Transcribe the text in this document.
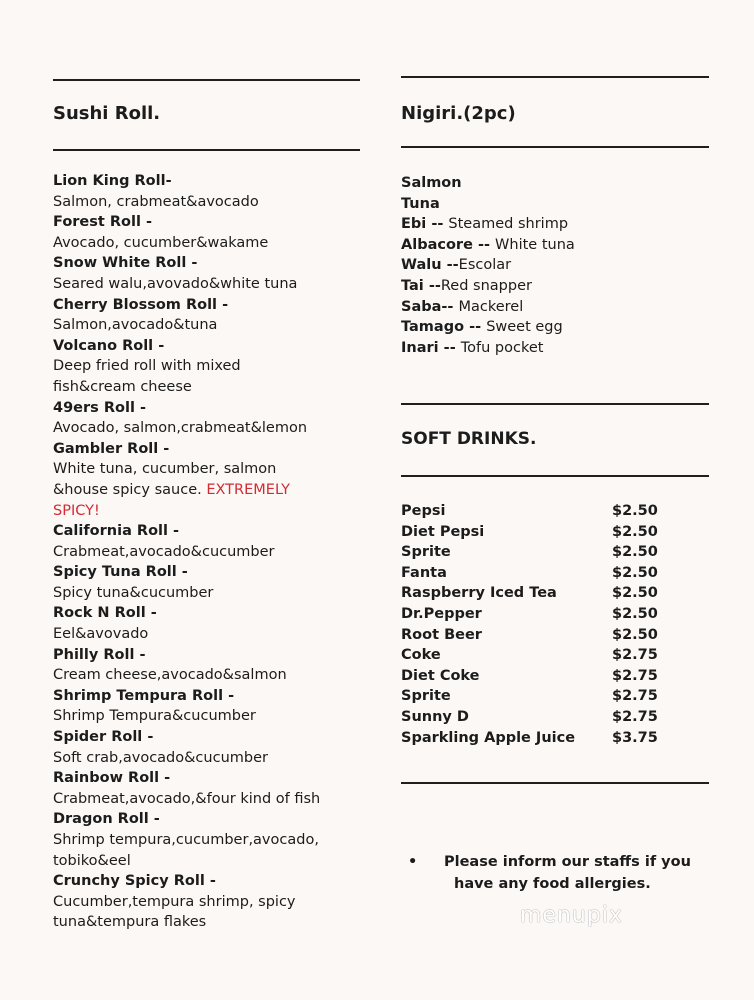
Sushi Roll.
Lion King Roll-
Salmon, crabmeat&avocado
Forest Roll -
Avocado, cucumber&wakame
Snow White Roll -
Seared walu,avovado&white tuna
Cherry Blossom Roll -
Salmon,avocado&tuna
Volcano Roll -
Deep fried roll with mixed
fish&cream cheese
49ers Roll -
Avocado, salmon,crabmeat&lemon
Gambler Roll -
White tuna, cucumber, salmon
&house spicy sauce. EXTREMELY
SPICY!
California Roll -
Crabmeat,avocado&cucumber
Spicy Tuna Roll -
Spicy tuna&cucumber
Rock N Roll -
Eel&avovado
Philly Roll -
Cream cheese,avocado&salmon
Shrimp Tempura Roll -
Shrimp Tempura&cucumber
Spider Roll -
Soft crab,avocado&cucumber
Rainbow Roll -
Crabmeat,avocado,&four kind of fish
Dragon Roll -
Shrimp tempura,cucumber,avocado,
tobiko&eel
Crunchy Spicy Roll -
Cucumber,tempura shrimp, spicy
tuna&tempura flakes
Nigiri.(2pc)
Salmon
Tuna
Ebi -- Steamed shrimp
Albacore -- White tuna
Walu --Escolar
Tai --Red snapper
Saba-- Mackerel
Tamago -- Sweet egg
Inari -- Tofu pocket
SOFT DRINKS.
Pepsi	$2.50
Diet Pepsi	$2.50
Sprite	$2.50
Fanta	$2.50
Raspberry Iced Tea	$2.50
Dr.Pepper	$2.50
Root Beer	$2.50
Coke	$2.75
Diet Coke	$2.75
Sprite	$2.75
Sunny D	$2.75
Sparkling Apple Juice	$3.75
• Please inform our staffs if you
have any food allergies.
menupix
